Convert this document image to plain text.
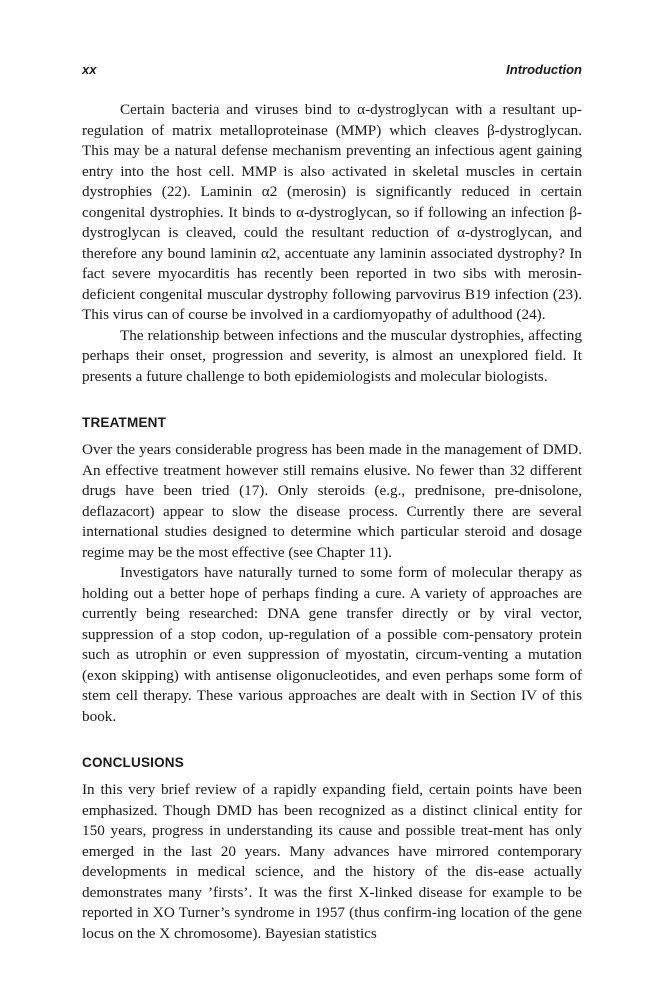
xx	Introduction

Certain bacteria and viruses bind to α-dystroglycan with a resultant up-regulation of matrix metalloproteinase (MMP) which cleaves β-dystroglycan. This may be a natural defense mechanism preventing an infectious agent gaining entry into the host cell. MMP is also activated in skeletal muscles in certain dystrophies (22). Laminin α2 (merosin) is significantly reduced in certain congenital dystrophies. It binds to α-dystroglycan, so if following an infection β-dystroglycan is cleaved, could the resultant reduction of α-dystroglycan, and therefore any bound laminin α2, accentuate any laminin associated dystrophy? In fact severe myocarditis has recently been reported in two sibs with merosin-deficient congenital muscular dystrophy following parvovirus B19 infection (23). This virus can of course be involved in a cardiomyopathy of adulthood (24).

The relationship between infections and the muscular dystrophies, affecting perhaps their onset, progression and severity, is almost an unexplored field. It presents a future challenge to both epidemiologists and molecular biologists.

TREATMENT

Over the years considerable progress has been made in the management of DMD. An effective treatment however still remains elusive. No fewer than 32 different drugs have been tried (17). Only steroids (e.g., prednisone, pre-dnisolone, deflazacort) appear to slow the disease process. Currently there are several international studies designed to determine which particular steroid and dosage regime may be the most effective (see Chapter 11).

Investigators have naturally turned to some form of molecular therapy as holding out a better hope of perhaps finding a cure. A variety of approaches are currently being researched: DNA gene transfer directly or by viral vector, suppression of a stop codon, up-regulation of a possible com-pensatory protein such as utrophin or even suppression of myostatin, circum-venting a mutation (exon skipping) with antisense oligonucleotides, and even perhaps some form of stem cell therapy. These various approaches are dealt with in Section IV of this book.

CONCLUSIONS

In this very brief review of a rapidly expanding field, certain points have been emphasized. Though DMD has been recognized as a distinct clinical entity for 150 years, progress in understanding its cause and possible treat-ment has only emerged in the last 20 years. Many advances have mirrored contemporary developments in medical science, and the history of the dis-ease actually demonstrates many ’firsts’. It was the first X-linked disease for example to be reported in XO Turner’s syndrome in 1957 (thus confirm-ing location of the gene locus on the X chromosome). Bayesian statistics
